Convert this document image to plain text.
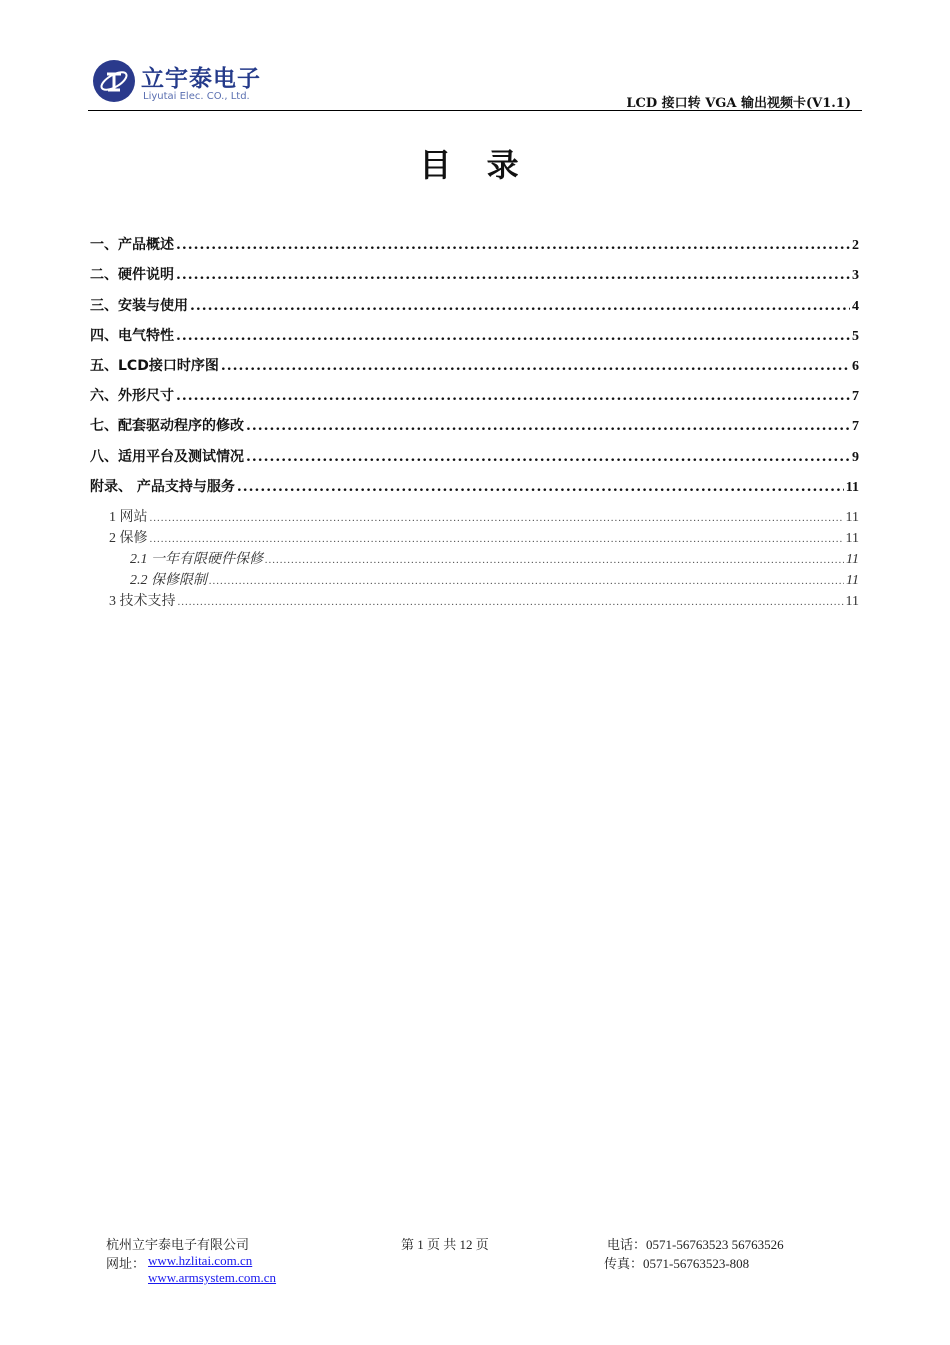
立宇泰电子
Liyutai Elec. CO., Ltd.	LCD 接口转 VGA 输出视频卡(V1.1)
目 录
一、产品概述 .....	2
二、硬件说明 .....	3
三、安装与使用 .....	4
四、电气特性 .....	5
五、LCD接口时序图 .....	6
六、外形尺寸 .....	7
七、配套驱动程序的修改 .....	7
八、适用平台及测试情况 .....	9
附录、 产品支持与服务 .....	11
1 网站 .....	11
2 保修 .....	11
2.1 一年有限硬件保修 .....	11
2.2 保修限制 .....	11
3 技术支持 .....	11
杭州立宇泰电子有限公司	第 1 页 共 12 页	电话：0571-56763523 56763526
网址： www.hzlitai.com.cn	传真：0571-56763523-808
www.armsystem.com.cn
